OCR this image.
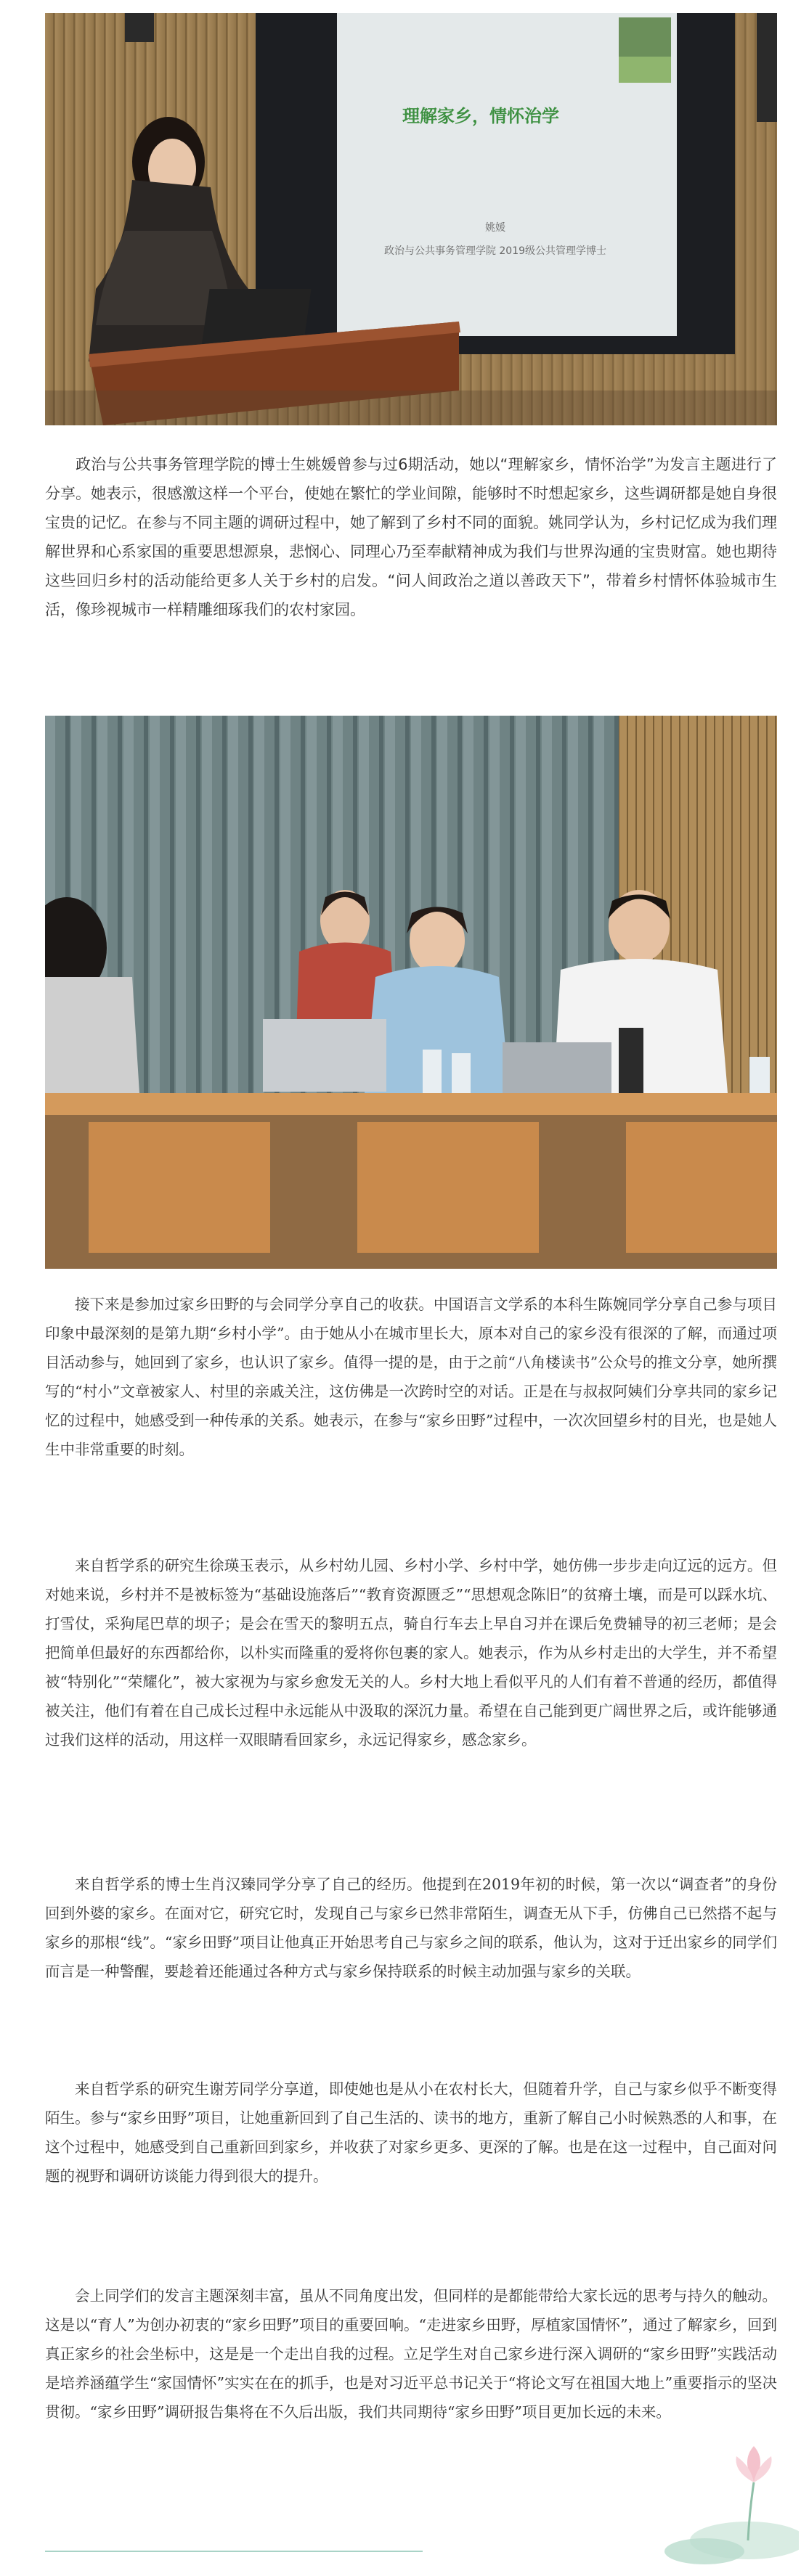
理解家乡，情怀治学
姚媛
政治与公共事务管理学院 2019级公共管理学博士

政治与公共事务管理学院的博士生姚媛曾参与过6期活动，她以“理解家乡，情怀治学”为发言主题进行了分享。她表示，很感激这样一个平台，使她在繁忙的学业间隙，能够时不时想起家乡，这些调研都是她自身很宝贵的记忆。在参与不同主题的调研过程中，她了解到了乡村不同的面貌。姚同学认为，乡村记忆成为我们理解世界和心系家国的重要思想源泉，悲悯心、同理心乃至奉献精神成为我们与世界沟通的宝贵财富。她也期待这些回归乡村的活动能给更多人关于乡村的启发。“问人间政治之道以善政天下”，带着乡村情怀体验城市生活，像珍视城市一样精雕细琢我们的农村家园。

接下来是参加过家乡田野的与会同学分享自己的收获。中国语言文学系的本科生陈婉同学分享自己参与项目印象中最深刻的是第九期“乡村小学”。由于她从小在城市里长大，原本对自己的家乡没有很深的了解，而通过项目活动参与，她回到了家乡，也认识了家乡。值得一提的是，由于之前“八角楼读书”公众号的推文分享，她所撰写的“村小”文章被家人、村里的亲戚关注，这仿佛是一次跨时空的对话。正是在与叔叔阿姨们分享共同的家乡记忆的过程中，她感受到一种传承的关系。她表示，在参与“家乡田野”过程中，一次次回望乡村的目光，也是她人生中非常重要的时刻。

来自哲学系的研究生徐瑛玉表示，从乡村幼儿园、乡村小学、乡村中学，她仿佛一步步走向辽远的远方。但对她来说，乡村并不是被标签为“基础设施落后”“教育资源匮乏”“思想观念陈旧”的贫瘠土壤，而是可以踩水坑、打雪仗，采狗尾巴草的坝子；是会在雪天的黎明五点，骑自行车去上早自习并在课后免费辅导的初三老师；是会把简单但最好的东西都给你，以朴实而隆重的爱将你包裹的家人。她表示，作为从乡村走出的大学生，并不希望被“特别化”“荣耀化”，被大家视为与家乡愈发无关的人。乡村大地上看似平凡的人们有着不普通的经历，都值得被关注，他们有着在自己成长过程中永远能从中汲取的深沉力量。希望在自己能到更广阔世界之后，或许能够通过我们这样的活动，用这样一双眼睛看回家乡，永远记得家乡，感念家乡。

来自哲学系的博士生肖汉臻同学分享了自己的经历。他提到在2019年初的时候，第一次以“调查者”的身份回到外婆的家乡。在面对它，研究它时，发现自己与家乡已然非常陌生，调查无从下手，仿佛自己已然搭不起与家乡的那根“线”。“家乡田野”项目让他真正开始思考自己与家乡之间的联系，他认为，这对于迁出家乡的同学们而言是一种警醒，要趁着还能通过各种方式与家乡保持联系的时候主动加强与家乡的关联。

来自哲学系的研究生谢芳同学分享道，即使她也是从小在农村长大，但随着升学，自己与家乡似乎不断变得陌生。参与“家乡田野”项目，让她重新回到了自己生活的、读书的地方，重新了解自己小时候熟悉的人和事，在这个过程中，她感受到自己重新回到家乡，并收获了对家乡更多、更深的了解。也是在这一过程中，自己面对问题的视野和调研访谈能力得到很大的提升。

会上同学们的发言主题深刻丰富，虽从不同角度出发，但同样的是都能带给大家长远的思考与持久的触动。这是以“育人”为创办初衷的“家乡田野”项目的重要回响。“走进家乡田野，厚植家国情怀”，通过了解家乡，回到真正家乡的社会坐标中，这是是一个走出自我的过程。立足学生对自己家乡进行深入调研的“家乡田野”实践活动是培养涵蕴学生“家国情怀”实实在在的抓手，也是对习近平总书记关于“将论文写在祖国大地上”重要指示的坚决贯彻。“家乡田野”调研报告集将在不久后出版，我们共同期待“家乡田野”项目更加长远的未来。
